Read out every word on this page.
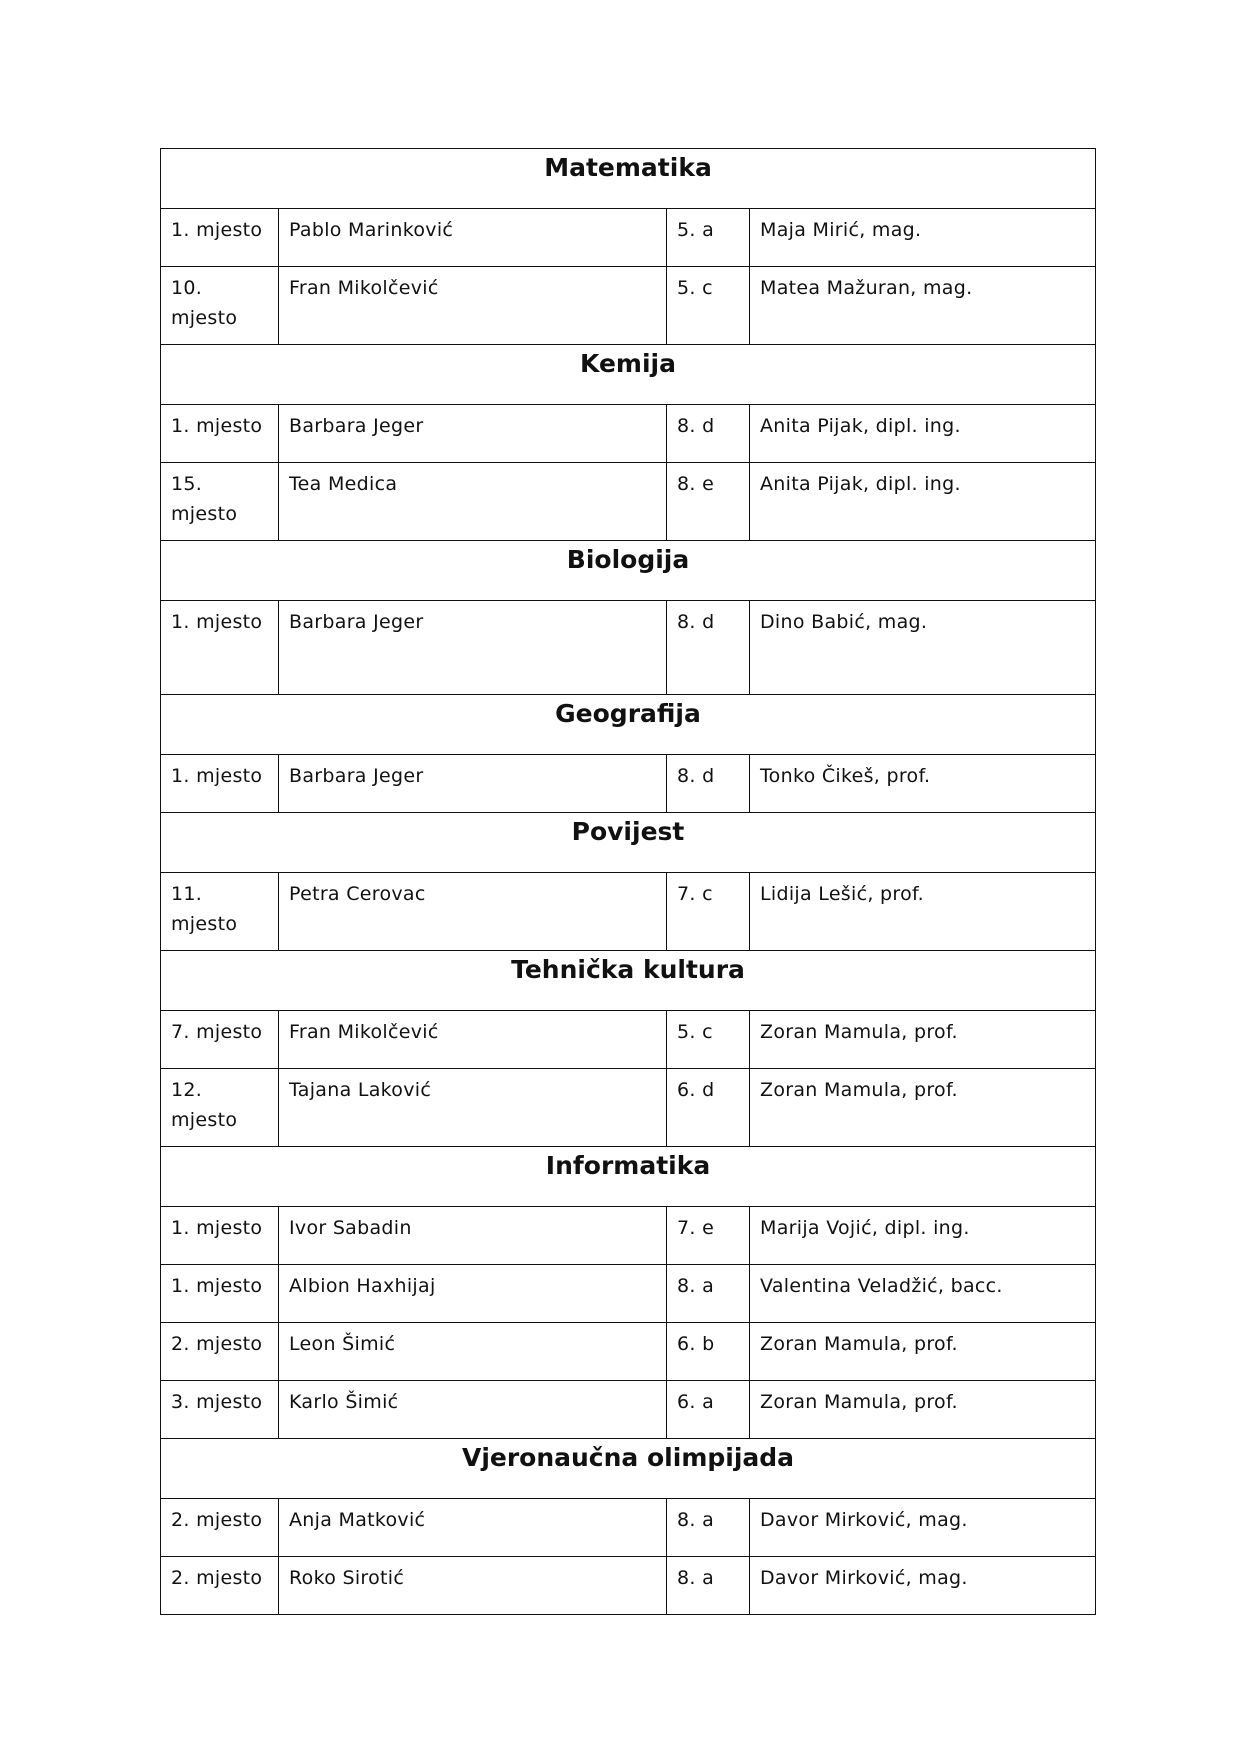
Matematika			
1. mjesto	Pablo Marinković	5. a	Maja Mirić, mag.
10. mjesto	Fran Mikolčević	5. c	Matea Mažuran, mag.
Kemija			
1. mjesto	Barbara Jeger	8. d	Anita Pijak, dipl. ing.
15. mjesto	Tea Medica	8. e	Anita Pijak, dipl. ing.
Biologija			
1. mjesto	Barbara Jeger	8. d	Dino Babić, mag.
Geografija			
1. mjesto	Barbara Jeger	8. d	Tonko Čikeš, prof.
Povijest			
11. mjesto	Petra Cerovac	7. c	Lidija Lešić, prof.
Tehnička kultura			
7. mjesto	Fran Mikolčević	5. c	Zoran Mamula, prof.
12. mjesto	Tajana Laković	6. d	Zoran Mamula, prof.
Informatika			
1. mjesto	Ivor Sabadin	7. e	Marija Vojić, dipl. ing.
1. mjesto	Albion Haxhijaj	8. a	Valentina Veladžić, bacc.
2. mjesto	Leon Šimić	6. b	Zoran Mamula, prof.
3. mjesto	Karlo Šimić	6. a	Zoran Mamula, prof.
Vjeronaučna olimpijada			
2. mjesto	Anja Matković	8. a	Davor Mirković, mag.
2. mjesto	Roko Sirotić	8. a	Davor Mirković, mag.
